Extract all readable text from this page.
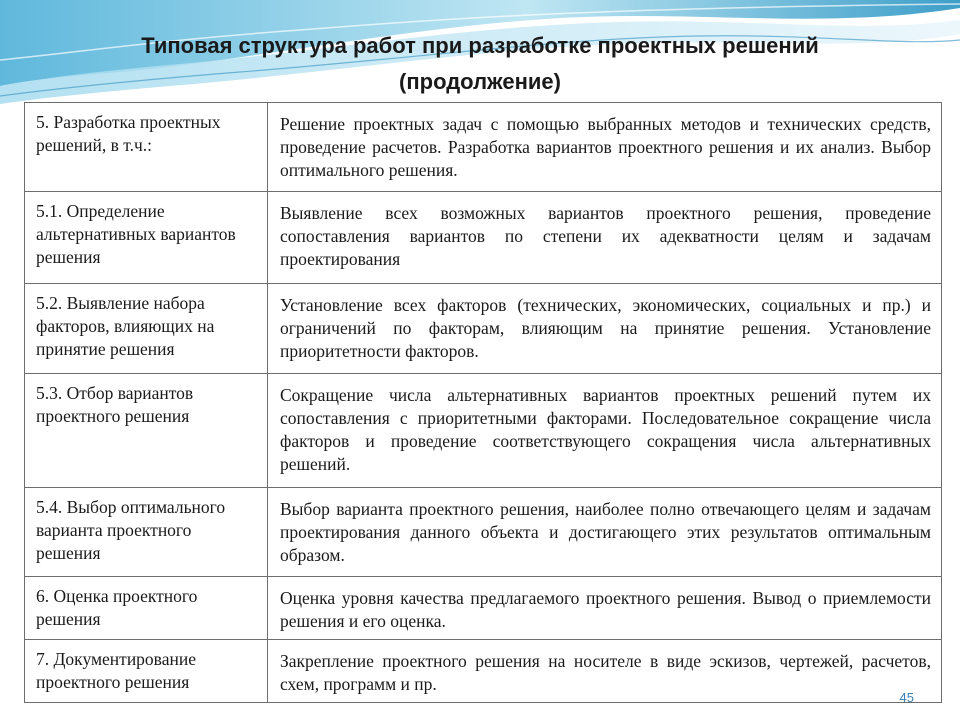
Типовая структура работ при разработке проектных решений
(продолжение)
5. Разработка проектных решений, в т.ч.:	Решение проектных задач с помощью выбранных методов и технических средств, проведение расчетов. Разработка вариантов проектного решения и их анализ. Выбор оптимального решения.
5.1. Определение альтернативных вариантов решения	Выявление всех возможных вариантов проектного решения, проведение сопоставления вариантов по степени их адекватности целям и задачам проектирования
5.2. Выявление набора факторов, влияющих на принятие решения	Установление всех факторов (технических, экономических, социальных и пр.) и ограничений по факторам, влияющим на принятие решения. Установление приоритетности факторов.
5.3. Отбор вариантов проектного решения	Сокращение числа альтернативных вариантов проектных решений путем их сопоставления с приоритетными факторами. Последовательное сокращение числа факторов и проведение соответствующего сокращения числа альтернативных решений.
5.4. Выбор оптимального варианта проектного решения	Выбор варианта проектного решения, наиболее полно отвечающего целям и задачам проектирования данного объекта и достигающего этих результатов оптимальным образом.
6. Оценка проектного решения	Оценка уровня качества предлагаемого проектного решения. Вывод о приемлемости решения и его оценка.
7. Документирование проектного решения	Закрепление проектного решения на носителе в виде эскизов, чертежей, расчетов, схем, программ и пр.
45
